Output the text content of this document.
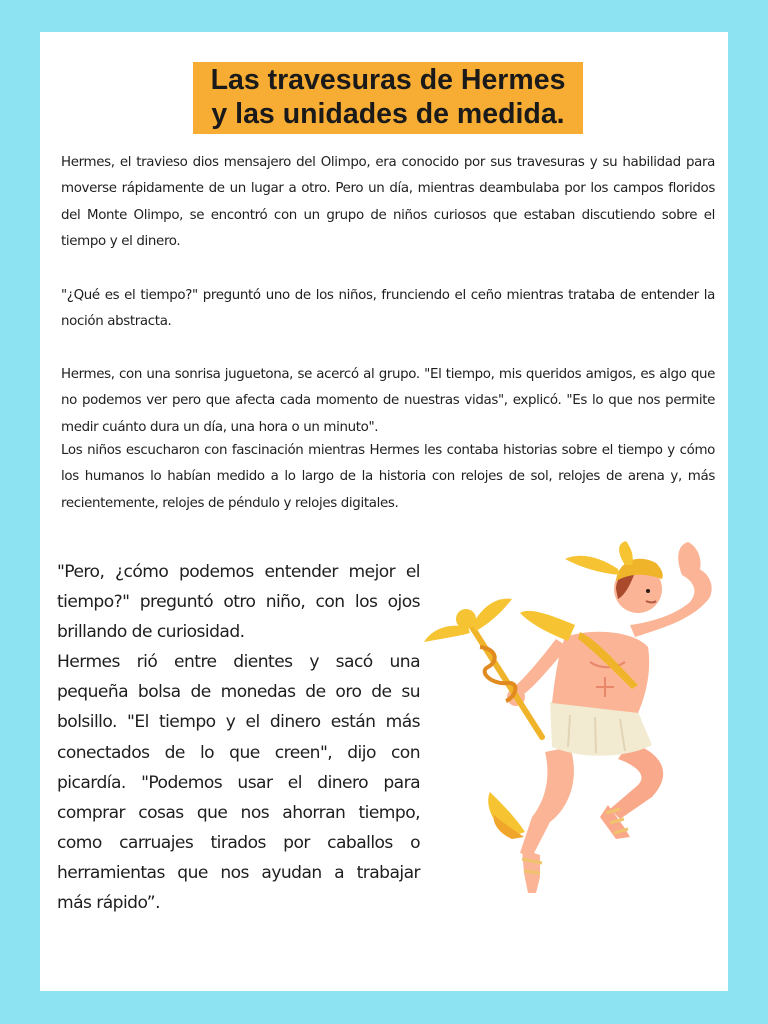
Las travesuras de Hermes
y las unidades de medida.
Hermes, el travieso dios mensajero del Olimpo, era conocido por sus travesuras y su habilidad para moverse rápidamente de un lugar a otro. Pero un día, mientras deambulaba por los campos floridos del Monte Olimpo, se encontró con un grupo de niños curiosos que estaban discutiendo sobre el tiempo y el dinero.
"¿Qué es el tiempo?" preguntó uno de los niños, frunciendo el ceño mientras trataba de entender la noción abstracta.
Hermes, con una sonrisa juguetona, se acercó al grupo. "El tiempo, mis queridos amigos, es algo que no podemos ver pero que afecta cada momento de nuestras vidas", explicó. "Es lo que nos permite medir cuánto dura un día, una hora o un minuto".
Los niños escucharon con fascinación mientras Hermes les contaba historias sobre el tiempo y cómo los humanos lo habían medido a lo largo de la historia con relojes de sol, relojes de arena y, más recientemente, relojes de péndulo y relojes digitales.
"Pero, ¿cómo podemos entender mejor el tiempo?" preguntó otro niño, con los ojos brillando de curiosidad.
Hermes rió entre dientes y sacó una pequeña bolsa de monedas de oro de su bolsillo. "El tiempo y el dinero están más conectados de lo que creen", dijo con picardía. "Podemos usar el dinero para comprar cosas que nos ahorran tiempo, como carruajes tirados por caballos o herramientas que nos ayudan a trabajar más rápido”.
